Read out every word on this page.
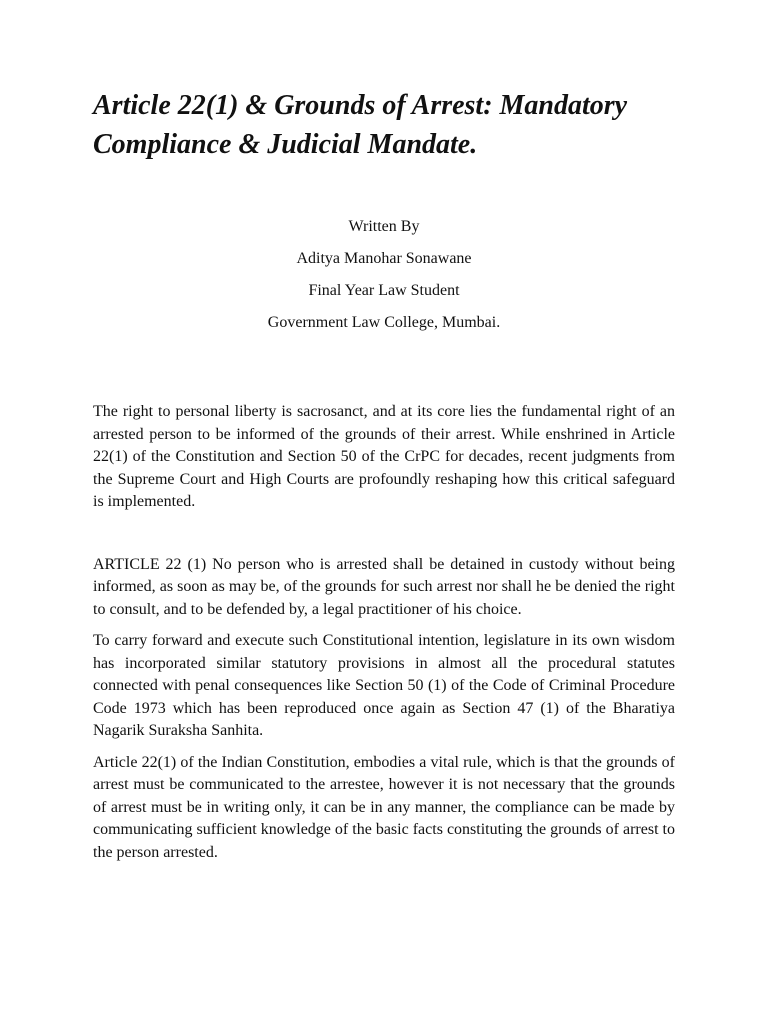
Article 22(1) & Grounds of Arrest: Mandatory Compliance & Judicial Mandate.
Written By
Aditya Manohar Sonawane
Final Year Law Student
Government Law College, Mumbai.

The right to personal liberty is sacrosanct, and at its core lies the fundamental right of an arrested person to be informed of the grounds of their arrest. While enshrined in Article 22(1) of the Constitution and Section 50 of the CrPC for decades, recent judgments from the Supreme Court and High Courts are profoundly reshaping how this critical safeguard is implemented.

ARTICLE 22 (1) No person who is arrested shall be detained in custody without being informed, as soon as may be, of the grounds for such arrest nor shall he be denied the right to consult, and to be defended by, a legal practitioner of his choice.

To carry forward and execute such Constitutional intention, legislature in its own wisdom has incorporated similar statutory provisions in almost all the procedural statutes connected with penal consequences like Section 50 (1) of the Code of Criminal Procedure Code 1973 which has been reproduced once again as Section 47 (1) of the Bharatiya Nagarik Suraksha Sanhita.

Article 22(1) of the Indian Constitution, embodies a vital rule, which is that the grounds of arrest must be communicated to the arrestee, however it is not necessary that the grounds of arrest must be in writing only, it can be in any manner, the compliance can be made by communicating sufficient knowledge of the basic facts constituting the grounds of arrest to the person arrested.
